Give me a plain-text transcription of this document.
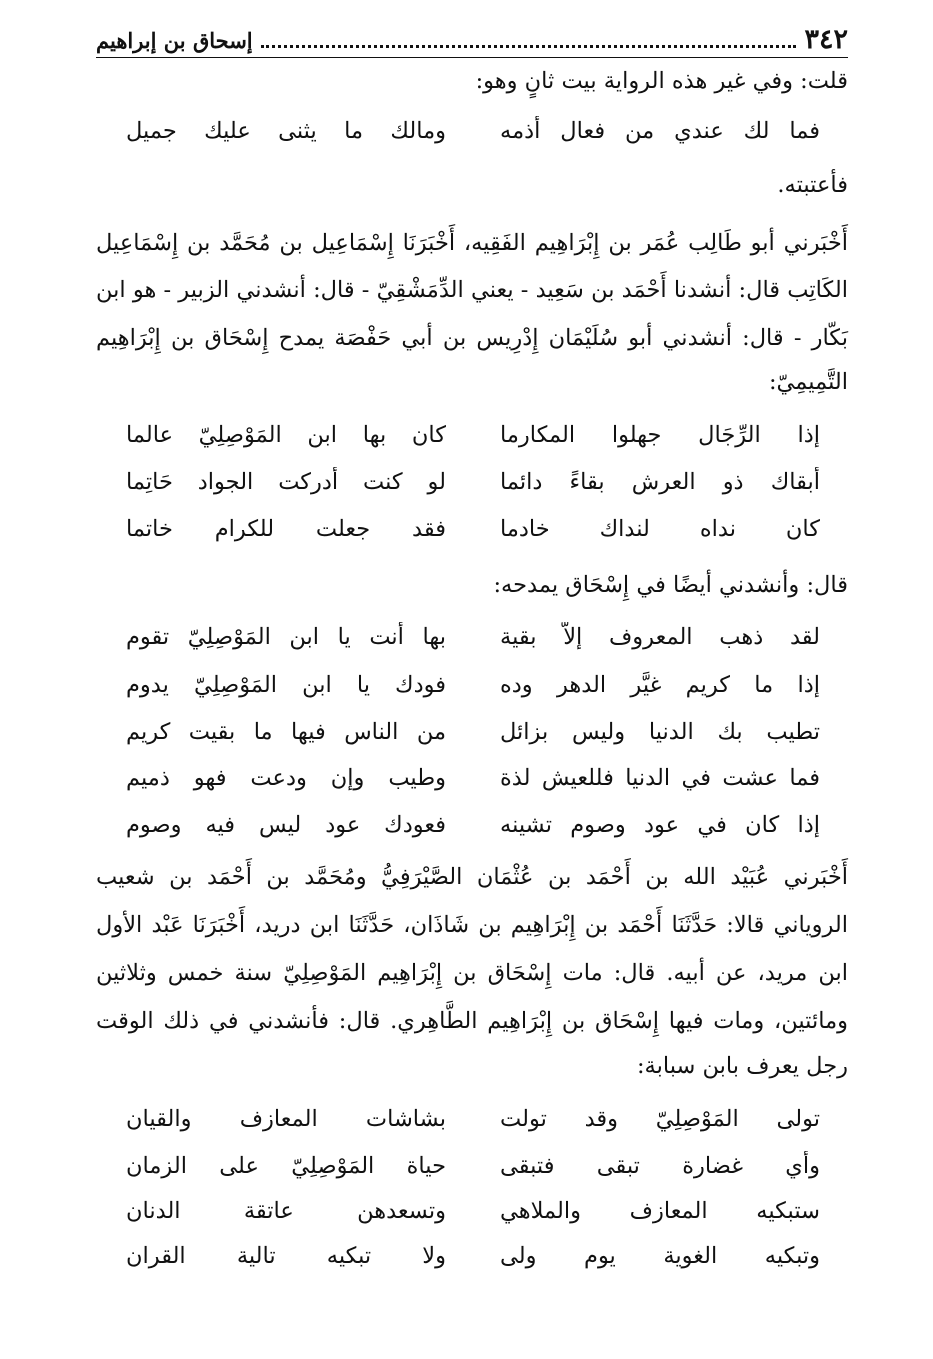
٣٤٢
إسحاق بن إبراهيم
قلت: وفي غير هذه الرواية بيت ثانٍ وهو:
فما لك عندي من فعال أذمه
ومالك ما يثنى عليك جميل
فأعتبته.
أَخْبَرني أبو طَالِب عُمَر بن إِبْرَاهِيم الفَقِيه، أَخْبَرَنَا إِسْمَاعِيل بن مُحَمَّد بن إِسْمَاعِيل
الكَاتِب قال: أنشدنا أَحْمَد بن سَعِيد - يعني الدِّمَشْقِيّ - قال: أنشدني الزبير - هو ابن
بَكّار - قال: أنشدني أبو سُلَيْمَان إِدْرِيس بن أبي حَفْصَة يمدح إِسْحَاق بن إِبْرَاهِيم
التَّمِيمِيّ:
إذا الرِّجَال جهلوا المكارما
كان بها ابن المَوْصِلِيّ عالما
أبقاك ذو العرش بقاءً دائما
لو كنت أدركت الجواد حَاتِما
كان نداه لنداك خادما
فقد جعلت للكرام خاتما
قال: وأنشدني أيضًا في إِسْحَاق يمدحه:
لقد ذهب المعروف إلاّ بقية
بها أنت يا ابن المَوْصِلِيّ تقوم
إذا ما كريم غيَّر الدهر وده
فودك يا ابن المَوْصِلِيّ يدوم
تطيب بك الدنيا وليس بزائل
من الناس فيها ما بقيت كريم
فما عشت في الدنيا فللعيش لذة
وطيب وإن ودعت فهو ذميم
إذا كان في عود وصوم تشينه
فعودك عود ليس فيه وصوم
أَخْبَرني عُبَيْد الله بن أَحْمَد بن عُثْمَان الصَّيْرَفِيُّ ومُحَمَّد بن أَحْمَد بن شعيب
الروياني قالا: حَدَّثَنَا أَحْمَد بن إِبْرَاهِيم بن شَاذَان، حَدَّثَنَا ابن دريد، أَخْبَرَنَا عَبْد الأول
ابن مريد، عن أبيه. قال: مات إِسْحَاق بن إِبْرَاهِيم المَوْصِلِيّ سنة خمس وثلاثين
ومائتين، ومات فيها إِسْحَاق بن إِبْرَاهِيم الطَّاهِري. قال: فأنشدني في ذلك الوقت
رجل يعرف بابن سبابة:
تولى المَوْصِلِيّ وقد تولت
بشاشات المعازف والقيان
وأي غضارة تبقى فتبقى
حياة المَوْصِلِيّ على الزمان
ستبكيه المعازف والملاهي
وتسعدهن عاتقة الدنان
وتبكيه الغوية يوم ولى
ولا تبكيه تالية القران
